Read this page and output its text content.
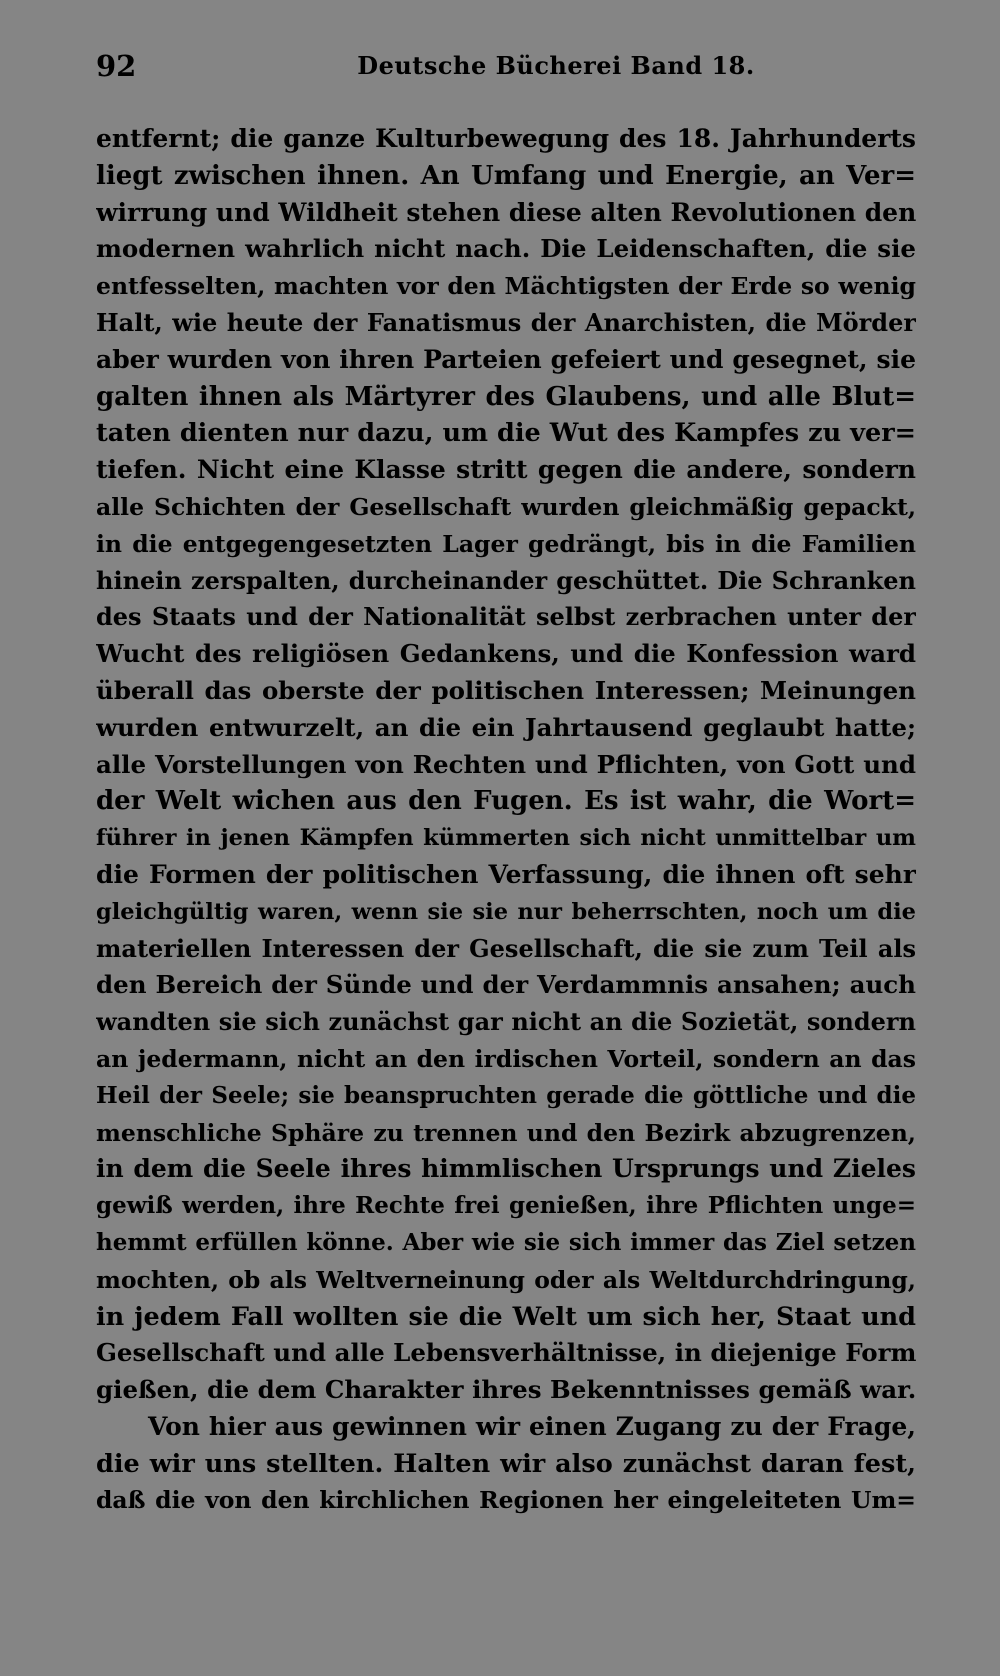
92	Deutsche Bücherei Band 18.
entfernt; die ganze Kulturbewegung des 18. Jahrhunderts
liegt zwischen ihnen. An Umfang und Energie, an Ver=
wirrung und Wildheit stehen diese alten Revolutionen den
modernen wahrlich nicht nach. Die Leidenschaften, die sie
entfesselten, machten vor den Mächtigsten der Erde so wenig
Halt, wie heute der Fanatismus der Anarchisten, die Mörder
aber wurden von ihren Parteien gefeiert und gesegnet, sie
galten ihnen als Märtyrer des Glaubens, und alle Blut=
taten dienten nur dazu, um die Wut des Kampfes zu ver=
tiefen. Nicht eine Klasse stritt gegen die andere, sondern
alle Schichten der Gesellschaft wurden gleichmäßig gepackt,
in die entgegengesetzten Lager gedrängt, bis in die Familien
hinein zerspalten, durcheinander geschüttet. Die Schranken
des Staats und der Nationalität selbst zerbrachen unter der
Wucht des religiösen Gedankens, und die Konfession ward
überall das oberste der politischen Interessen; Meinungen
wurden entwurzelt, an die ein Jahrtausend geglaubt hatte;
alle Vorstellungen von Rechten und Pflichten, von Gott und
der Welt wichen aus den Fugen. Es ist wahr, die Wort=
führer in jenen Kämpfen kümmerten sich nicht unmittelbar um
die Formen der politischen Verfassung, die ihnen oft sehr
gleichgültig waren, wenn sie sie nur beherrschten, noch um die
materiellen Interessen der Gesellschaft, die sie zum Teil als
den Bereich der Sünde und der Verdammnis ansahen; auch
wandten sie sich zunächst gar nicht an die Sozietät, sondern
an jedermann, nicht an den irdischen Vorteil, sondern an das
Heil der Seele; sie beanspruchten gerade die göttliche und die
menschliche Sphäre zu trennen und den Bezirk abzugrenzen,
in dem die Seele ihres himmlischen Ursprungs und Zieles
gewiß werden, ihre Rechte frei genießen, ihre Pflichten unge=
hemmt erfüllen könne. Aber wie sie sich immer das Ziel setzen
mochten, ob als Weltverneinung oder als Weltdurchdringung,
in jedem Fall wollten sie die Welt um sich her, Staat und
Gesellschaft und alle Lebensverhältnisse, in diejenige Form
gießen, die dem Charakter ihres Bekenntnisses gemäß war.
Von hier aus gewinnen wir einen Zugang zu der Frage,
die wir uns stellten. Halten wir also zunächst daran fest,
daß die von den kirchlichen Regionen her eingeleiteten Um=
